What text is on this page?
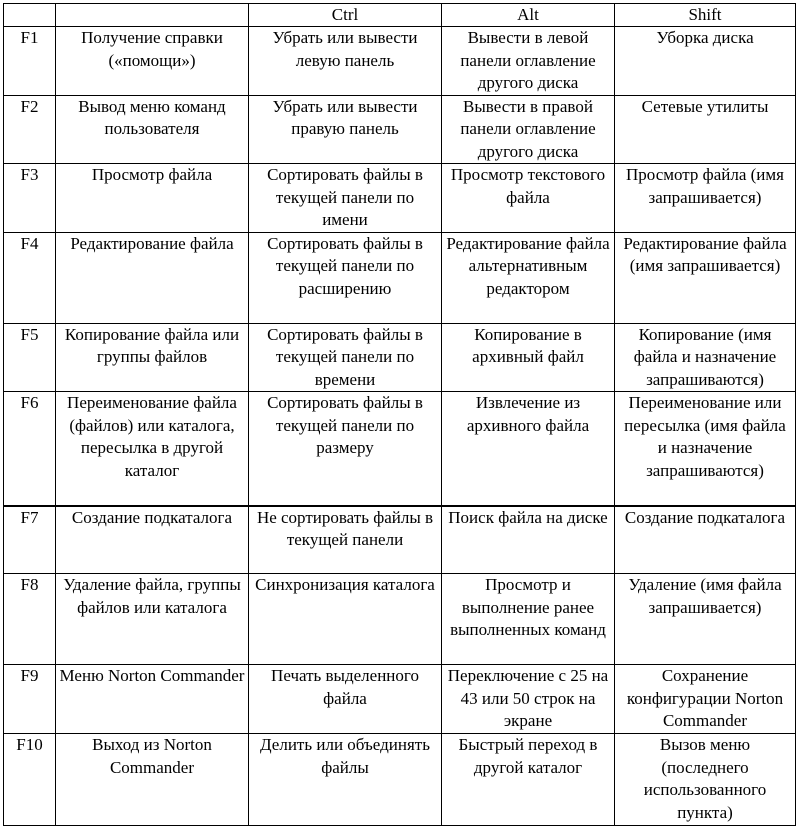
		Ctrl	Alt	Shift
F1	Получение справки («помощи»)	Убрать или вывести левую панель	Вывести в левой панели оглавление другого диска	Уборка диска
F2	Вывод меню команд пользователя	Убрать или вывести правую панель	Вывести в правой панели оглавление другого диска	Сетевые утилиты
F3	Просмотр файла	Сортировать файлы в текущей панели по имени	Просмотр текстового файла	Просмотр файла (имя запрашивается)
F4	Редактирование файла	Сортировать файлы в текущей панели по расширению	Редактирование файла альтернативным редактором	Редактирование файла (имя запрашивается)
F5	Копирование файла или группы файлов	Сортировать файлы в текущей панели по времени	Копирование в архивный файл	Копирование (имя файла и назначение запрашиваются)
F6	Переименование файла (файлов) или каталога, пересылка в другой каталог	Сортировать файлы в текущей панели по размеру	Извлечение из архивного файла	Переименование или пересылка (имя файла и назначение запрашиваются)
F7	Создание подкаталога	Не сортировать файлы в текущей панели	Поиск файла на диске	Создание подкаталога
F8	Удаление файла, группы файлов или каталога	Синхронизация каталога	Просмотр и выполнение ранее выполненных команд	Удаление (имя файла запрашивается)
F9	Меню Norton Commander	Печать выделенного файла	Переключение с 25 на 43 или 50 строк на экране	Сохранение конфигурации Norton Commander
F10	Выход из Norton Commander	Делить или объединять файлы	Быстрый переход в другой каталог	Вызов меню (последнего использованного пункта)
